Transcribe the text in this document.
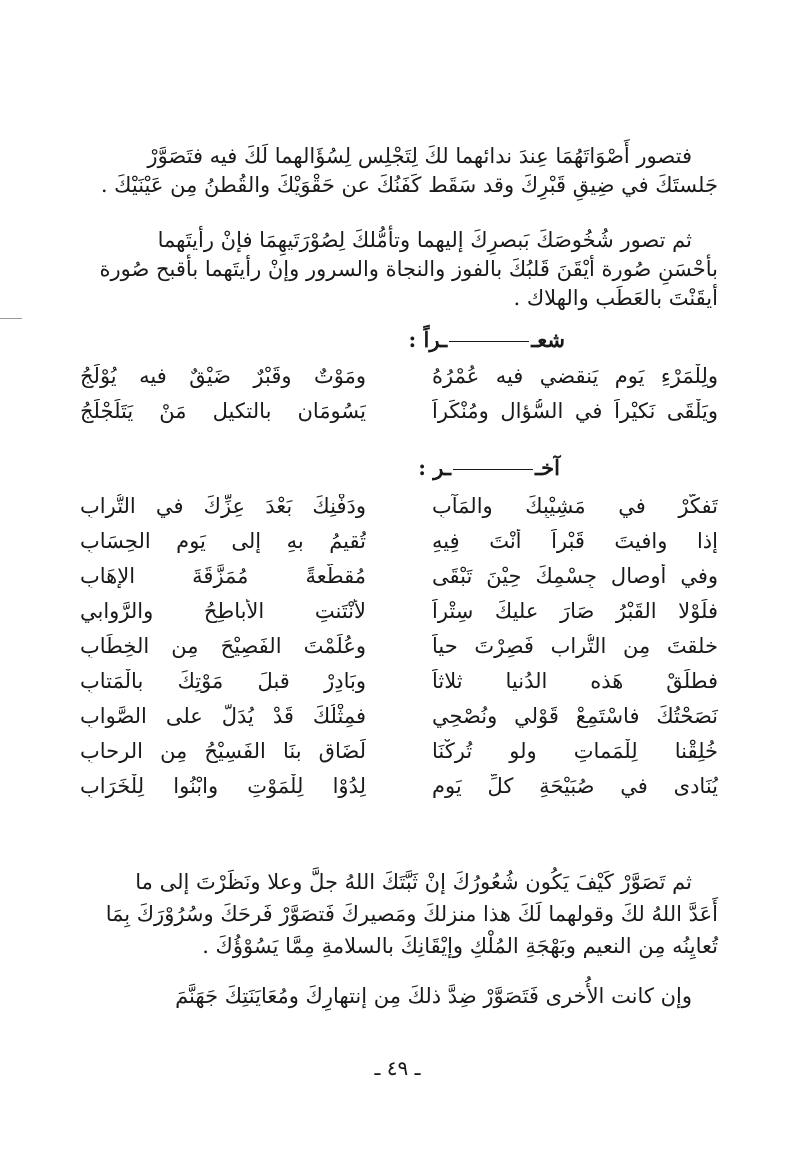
فتصور أَصْوَاتَهُمَا عِندَ ندائهما لكَ لِتَجْلِس لِسُؤَالهما لَكَ فيه فتَصَوَّرْ

جَلستَكَ في ضِيقِ قَبْرِكَ وقد سَقَط كَفَنُكَ عن حَقْوَيْكَ والقُطنُ مِن عَيْنَيْكَ .

ثم تصور شُخُوصَكَ بَبصرِكَ إليهما وتأمُّلكَ لِصُوْرَتَيهِمَا فإنْ رأيتَهما

بأحْسَنِ صُورة أيْقَنَ قَلبُكَ بالفوز والنجاة والسرور وإنْ رأيتَهما بأقبح صُورة

أيقَنْتَ بالعَطَب والهلاك .

شعــراً :
ولِلْمَرْءِ يَوم يَنقضي فيه عُمْرُهُ
ومَوْتٌ وقَبْرٌ ضَيْقٌ فيه يُوْلَجُ
ويَلْقَى نَكيْراً في السُّؤالِ ومُنْكَراً
يَسُومَانِ بالتكيلِ مَنْ يَتَلَجْلَجُ
آخــر :
تَفكَّرْ في مَشِيْبِكَ والمَآبِ
ودَفْنِكَ بَعْدَ عِزِّكَ في التُّرابِ
إذا وافيتَ قَبْراً أنْتَ فِيهِ
تُقيمُ بهِ إلى يَومِ الحِسَابِ
وفي أوصالِ جِسْمِكَ حِيْنَ تَبْقَى
مُقطَّعةً مُمَزَّقَةَ الإهَابِ
فلَوْلا القَبْرُ صَارَ عليكَ سِتْراً
لأنْتَنتِ الأباطِحُ والرَّوابي
خلقتَ مِن التُّراب فَصِرْتَ حياً
وعُلِّمْتَ الفَصِيْحَ مِن الخِطَابِ
فطلِّقْ هَذه الدُنيا ثلاثاً
وبَادِرْ قبلَ مَوْتِكَ بالْمَتابِ
نَصَحْتُكَ فاسْتَمِعْ قَوْلي ونُصْحِي
فمِثْلُكَ قَدْ يُدَلُّ على الصَّوابِ
خُلِقْنا لِلْمَماتِ ولو تُركْنَا
لَضَاق بنَا الفَسِيْحُ مِن الرحابِ
يُنَادى في صُبَيْحَةِ كلِّ يَومٍ
لِدُوْا لِلْمَوْتِ وابْنُوا لِلْخَرَابِ

ثم تَصَوَّرْ كَيْفَ يَكُون شُعُورُكَ إنْ ثَبَّتَكَ اللهُ جلَّ وعلا ونَظَرْتَ إلى ما

أَعَدَّ اللهُ لكَ وقولهما لَكَ هذا منزلكَ ومَصيركَ فَتصَوَّرْ فَرحَكَ وسُرُوْرَكَ بِمَا

تُعايِنُه مِن النعيم وبَهْجَةِ المُلْكِ وإيْقَانِكَ بالسلامةِ مِمَّا يَسُوْؤُكَ .

وإن كانت الأُخرى فَتَصَوَّرْ ضِدَّ ذلكَ مِن إنتهارِكَ ومُعَايَنَتِكَ جَهَنَّمَ

ـ ٤٩ ـ
